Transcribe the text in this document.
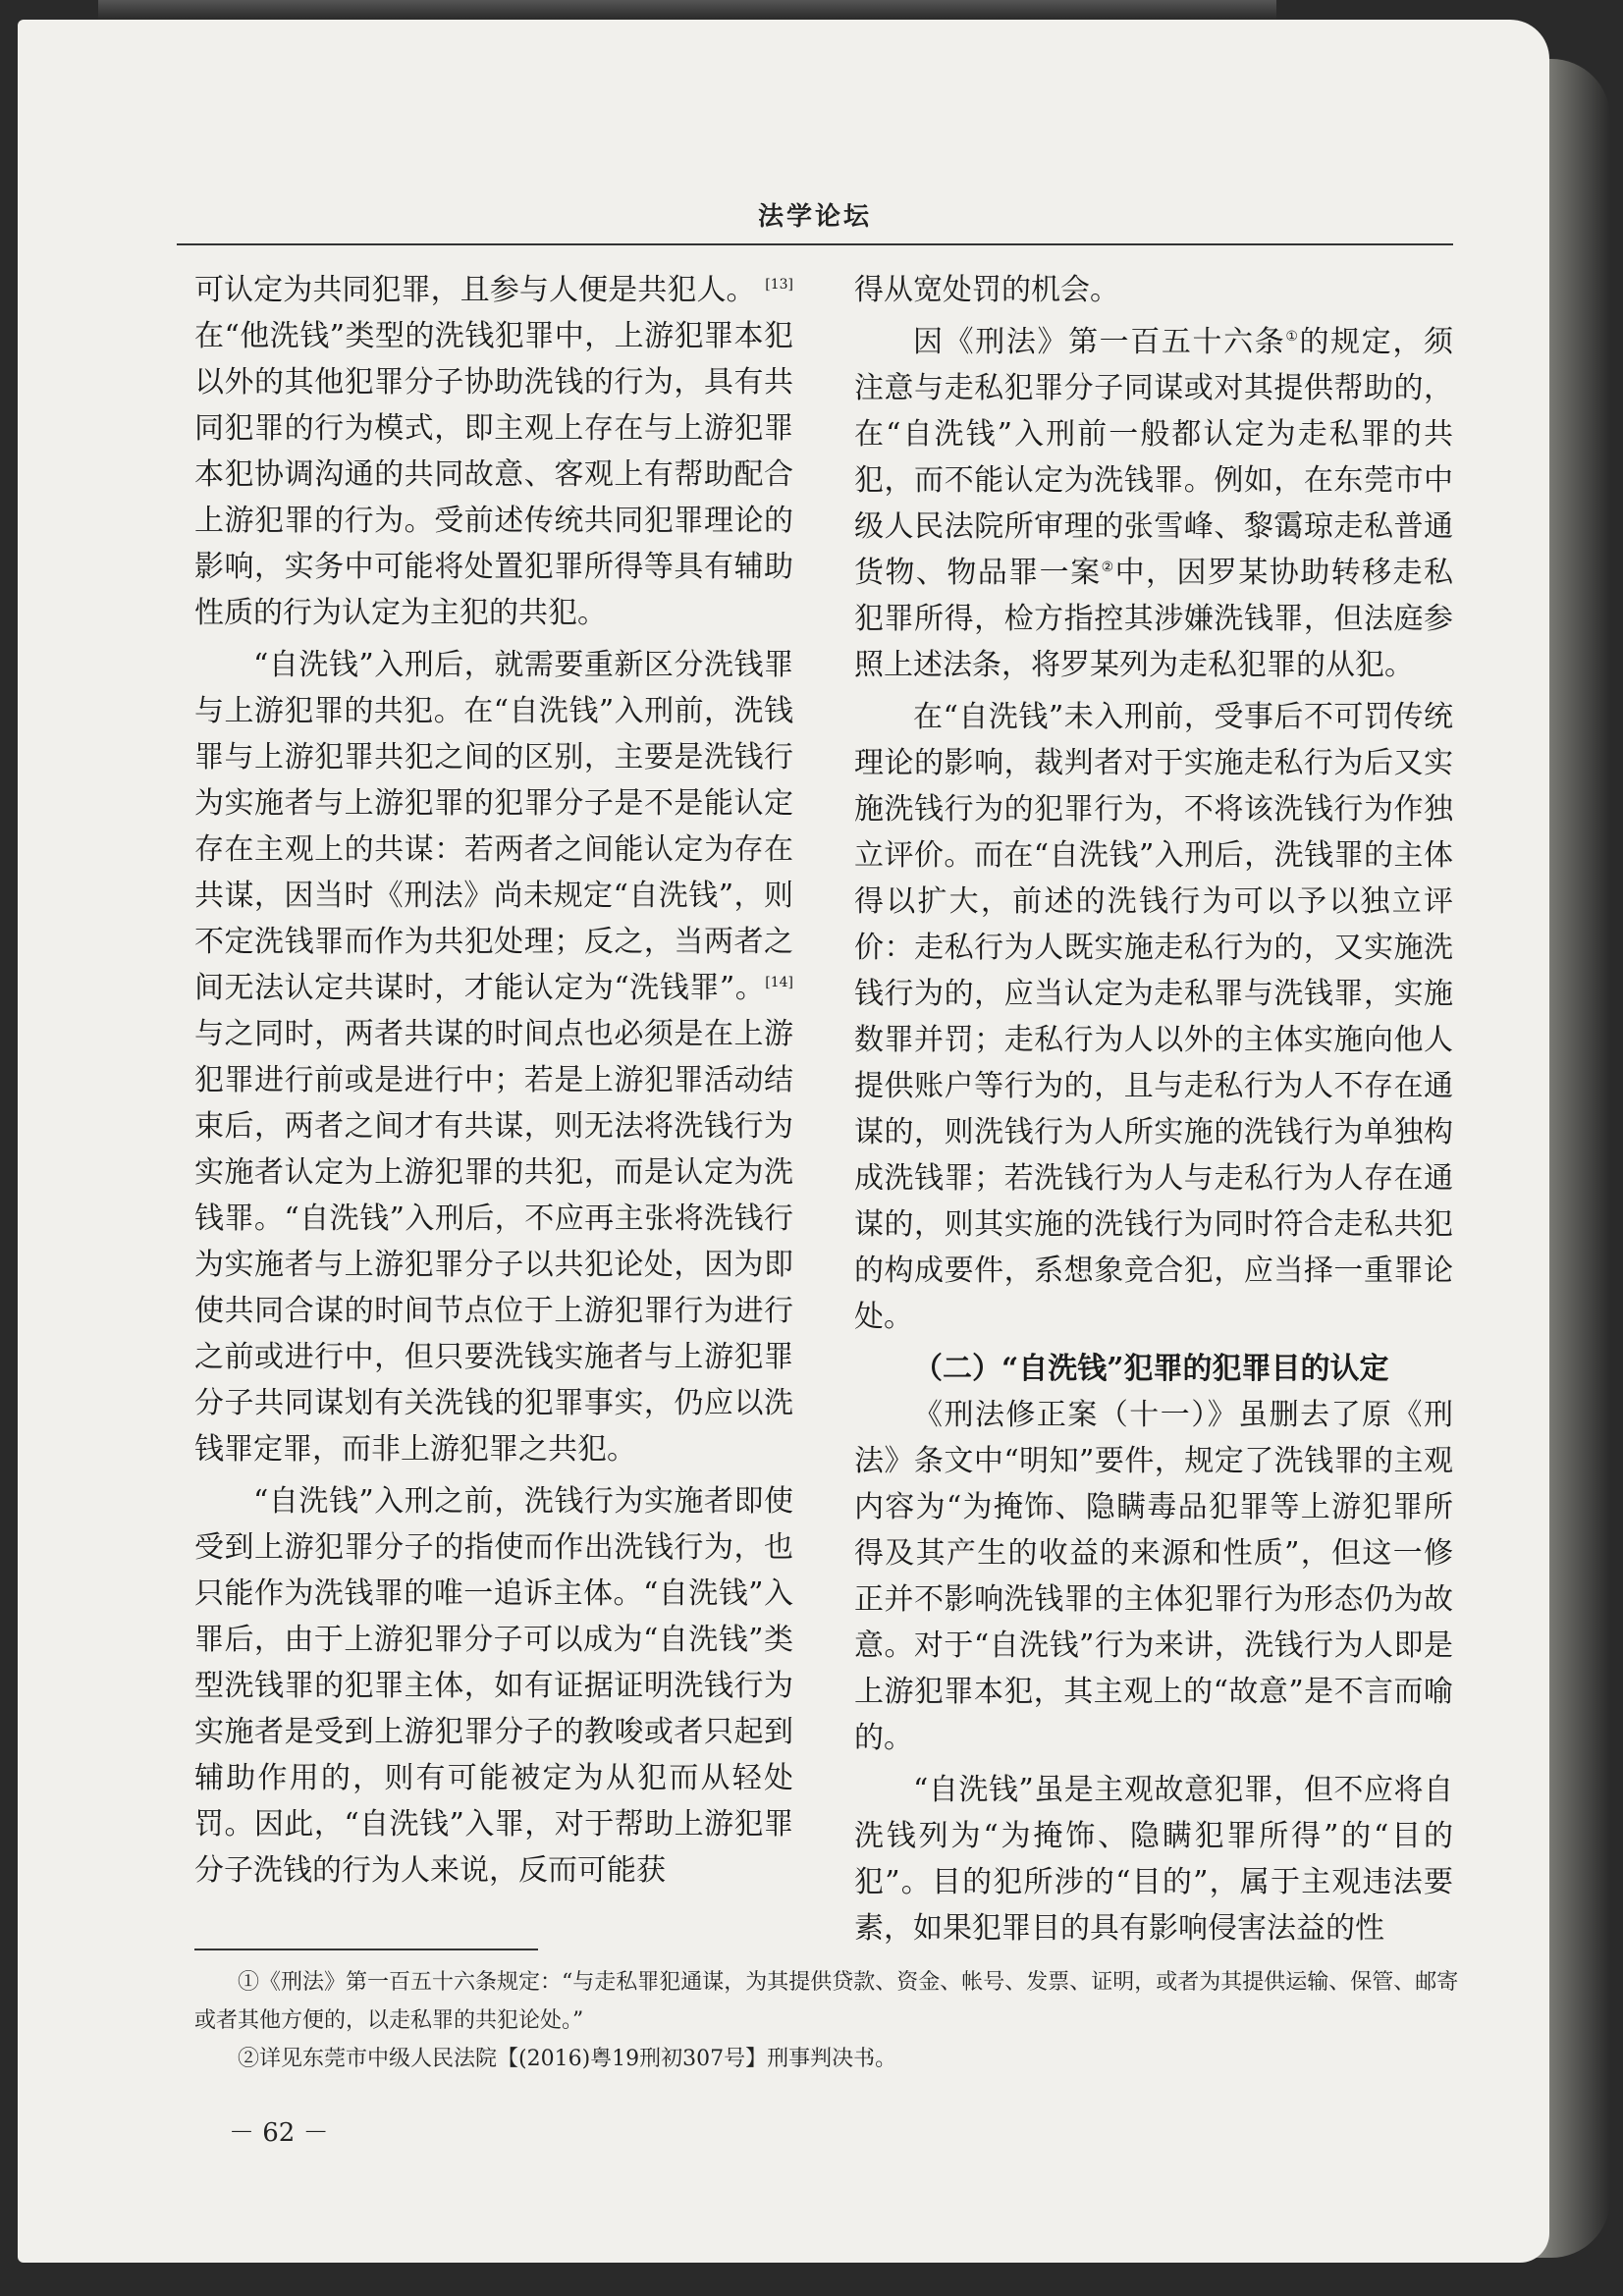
法学论坛

可认定为共同犯罪，且参与人便是共犯人。 [13]在“他洗钱”类型的洗钱犯罪中，上游犯罪本犯以外的其他犯罪分子协助洗钱的行为，具有共同犯罪的行为模式，即主观上存在与上游犯罪本犯协调沟通的共同故意、客观上有帮助配合上游犯罪的行为。受前述传统共同犯罪理论的影响，实务中可能将处置犯罪所得等具有辅助性质的行为认定为主犯的共犯。

“自洗钱”入刑后，就需要重新区分洗钱罪与上游犯罪的共犯。在“自洗钱”入刑前，洗钱罪与上游犯罪共犯之间的区别，主要是洗钱行为实施者与上游犯罪的犯罪分子是不是能认定存在主观上的共谋：若两者之间能认定为存在共谋，因当时《刑法》尚未规定“自洗钱”，则不定洗钱罪而作为共犯处理；反之，当两者之间无法认定共谋时，才能认定为“洗钱罪”。[14]与之同时，两者共谋的时间点也必须是在上游犯罪进行前或是进行中；若是上游犯罪活动结束后，两者之间才有共谋，则无法将洗钱行为实施者认定为上游犯罪的共犯，而是认定为洗钱罪。“自洗钱”入刑后，不应再主张将洗钱行为实施者与上游犯罪分子以共犯论处，因为即使共同合谋的时间节点位于上游犯罪行为进行之前或进行中，但只要洗钱实施者与上游犯罪分子共同谋划有关洗钱的犯罪事实，仍应以洗钱罪定罪，而非上游犯罪之共犯。

“自洗钱”入刑之前，洗钱行为实施者即使受到上游犯罪分子的指使而作出洗钱行为，也只能作为洗钱罪的唯一追诉主体。“自洗钱”入罪后，由于上游犯罪分子可以成为“自洗钱”类型洗钱罪的犯罪主体，如有证据证明洗钱行为实施者是受到上游犯罪分子的教唆或者只起到辅助作用的，则有可能被定为从犯而从轻处罚。因此，“自洗钱”入罪，对于帮助上游犯罪分子洗钱的行为人来说，反而可能获

得从宽处罚的机会。

因《刑法》第一百五十六条①的规定，须注意与走私犯罪分子同谋或对其提供帮助的，在“自洗钱”入刑前一般都认定为走私罪的共犯，而不能认定为洗钱罪。例如，在东莞市中级人民法院所审理的张雪峰、黎霭琼走私普通货物、物品罪一案②中，因罗某协助转移走私犯罪所得，检方指控其涉嫌洗钱罪，但法庭参照上述法条，将罗某列为走私犯罪的从犯。

在“自洗钱”未入刑前，受事后不可罚传统理论的影响，裁判者对于实施走私行为后又实施洗钱行为的犯罪行为，不将该洗钱行为作独立评价。而在“自洗钱”入刑后，洗钱罪的主体得以扩大，前述的洗钱行为可以予以独立评价：走私行为人既实施走私行为的，又实施洗钱行为的，应当认定为走私罪与洗钱罪，实施数罪并罚；走私行为人以外的主体实施向他人提供账户等行为的，且与走私行为人不存在通谋的，则洗钱行为人所实施的洗钱行为单独构成洗钱罪；若洗钱行为人与走私行为人存在通谋的，则其实施的洗钱行为同时符合走私共犯的构成要件，系想象竞合犯，应当择一重罪论处。

（二）“自洗钱”犯罪的犯罪目的认定

《刑法修正案（十一）》虽删去了原《刑法》条文中“明知”要件，规定了洗钱罪的主观内容为“为掩饰、隐瞒毒品犯罪等上游犯罪所得及其产生的收益的来源和性质”，但这一修正并不影响洗钱罪的主体犯罪行为形态仍为故意。对于“自洗钱”行为来讲，洗钱行为人即是上游犯罪本犯，其主观上的“故意”是不言而喻的。

“自洗钱”虽是主观故意犯罪，但不应将自洗钱列为“为掩饰、隐瞒犯罪所得”的“目的犯”。目的犯所涉的“目的”，属于主观违法要素，如果犯罪目的具有影响侵害法益的性

①《刑法》第一百五十六条规定：“与走私罪犯通谋，为其提供贷款、资金、帐号、发票、证明，或者为其提供运输、保管、邮寄或者其他方便的，以走私罪的共犯论处。”

②详见东莞市中级人民法院【(2016)粤19刑初307号】刑事判决书。

－ 62 －
